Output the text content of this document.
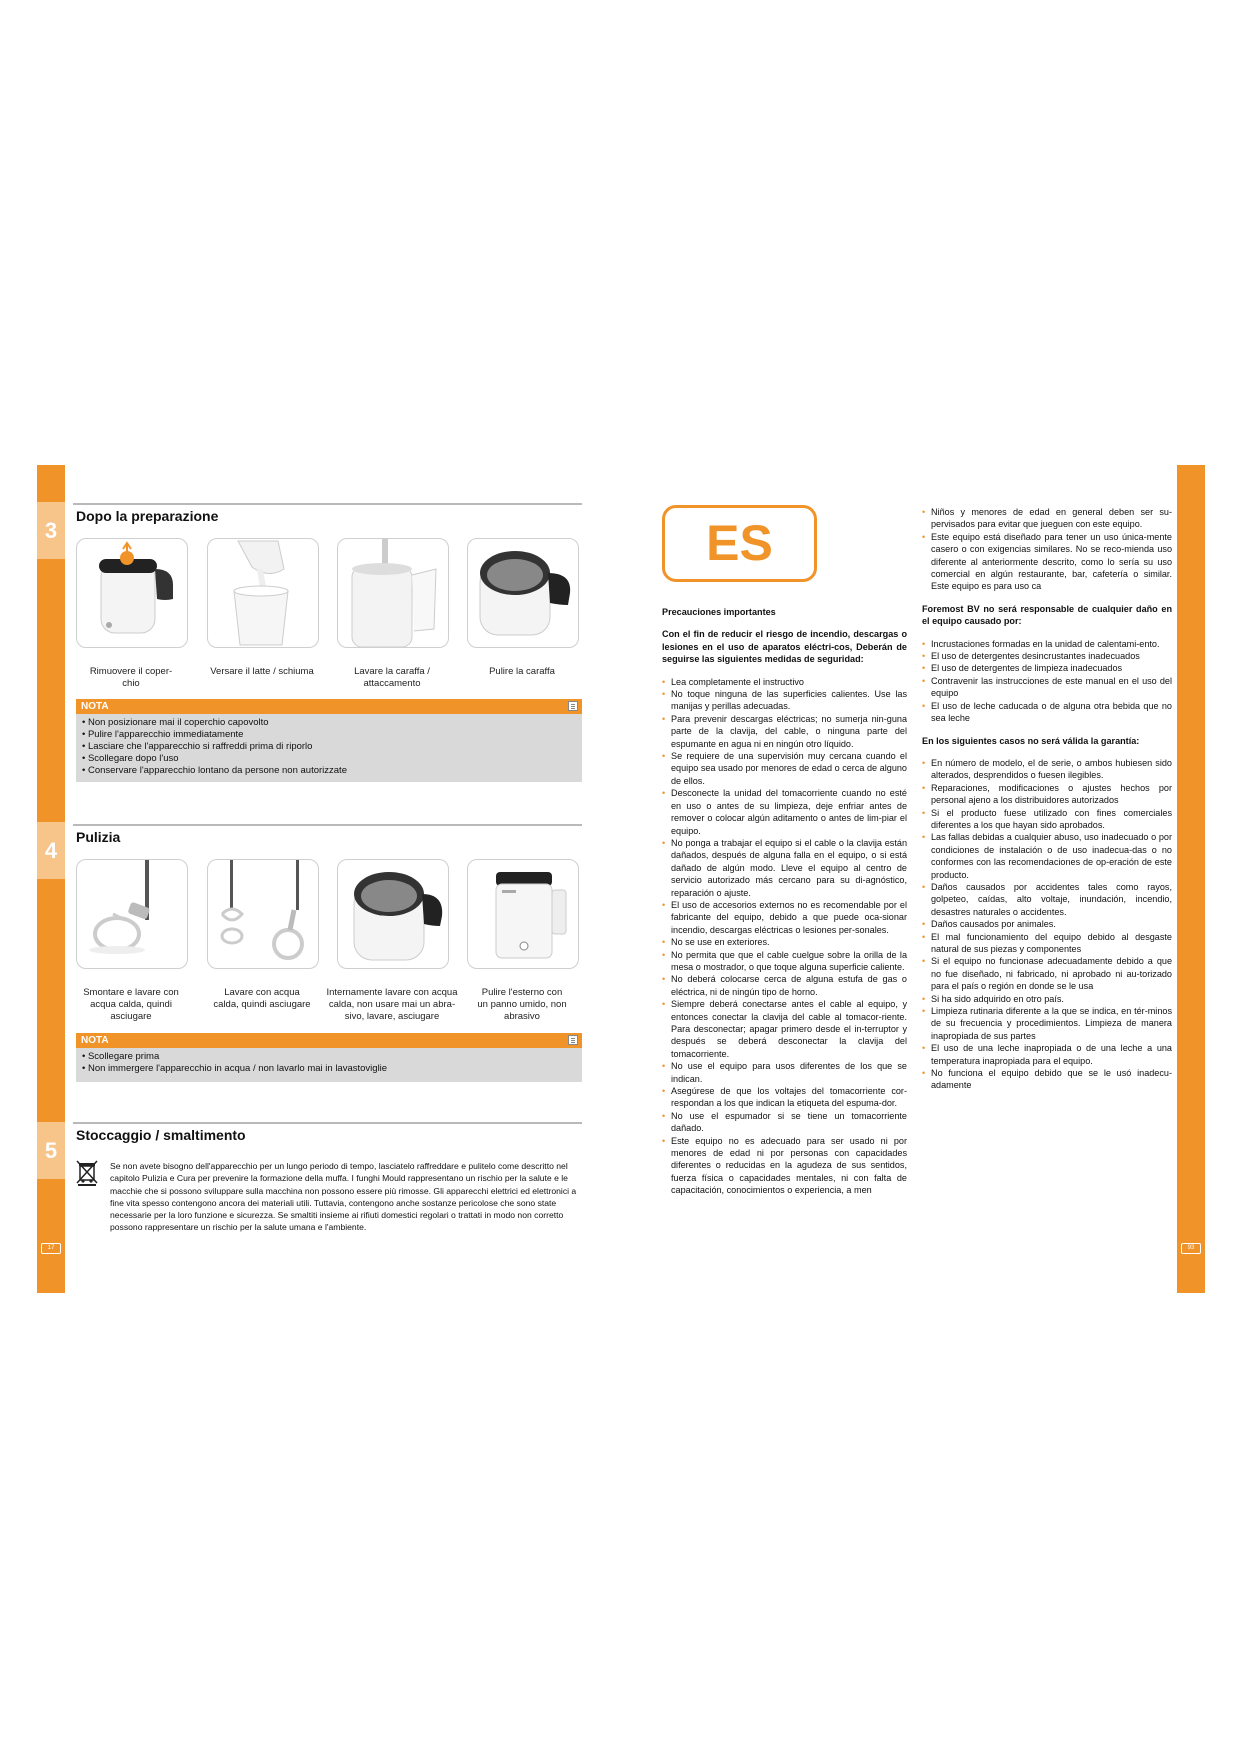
3
4
5
17
Dopo la preparazione
Rimuovere il coper-
chio
Versare il latte / schiuma	Lavare la caraffa /
attaccamento
Pulire la caraffa
NOTA
• Non posizionare mai il coperchio capovolto
• Pulire l'apparecchio immediatamente
• Lasciare che l'apparecchio si raffreddi prima di riporlo
• Scollegare dopo l'uso
• Conservare l'apparecchio lontano da persone non autorizzate
Pulizia
Smontare e lavare con
acqua calda, quindi
asciugare
Lavare con acqua
calda, quindi asciugare
Internamente lavare con acqua
calda, non usare mai un abra-
sivo, lavare, asciugare
Pulire l'esterno con
un panno umido, non
abrasivo
NOTA
• Scollegare prima
• Non immergere l'apparecchio in acqua / non lavarlo mai in lavastoviglie
Stoccaggio / smaltimento
Se non avete bisogno dell'apparecchio per un lungo periodo di tempo, lasciatelo raffreddare e pulitelo come descritto nel capitolo Pulizia e Cura per prevenire la formazione della muffa. I funghi Mould rappresentano un rischio per la salute e le macchie che si possono sviluppare sulla macchina non possono essere più rimosse. Gli apparecchi elettrici ed elettronici a fine vita spesso contengono ancora dei materiali utili. Tuttavia, contengono anche sostanze pericolose che sono state necessarie per la loro funzione e sicurezza. Se smaltiti insieme ai rifiuti domestici regolari o trattati in modo non corretto possono rappresentare un rischio per la salute umana e l'ambiente.
93
ES

Precauciones importantes

Con el fin de reducir el riesgo de incendio, descargas o lesiones en el uso de aparatos eléctri-cos, Deberán de seguirse las siguientes medidas de seguridad:

• Lea completamente el instructivo
• No toque ninguna de las superficies calientes. Use las manijas y perillas adecuadas.
• Para prevenir descargas eléctricas; no sumerja nin-guna parte de la clavija, del cable, o ninguna parte del espumante en agua ni en ningún otro líquido.
• Se requiere de una supervisión muy cercana cuando el equipo sea usado por menores de edad o cerca de alguno de ellos.
• Desconecte la unidad del tomacorriente cuando no esté en uso o antes de su limpieza, deje enfriar antes de remover o colocar algún aditamento o antes de lim-piar el equipo.
• No ponga a trabajar el equipo si el cable o la clavija están dañados, después de alguna falla en el equipo, o si está dañado de algún modo. Lleve el equipo al centro de servicio autorizado más cercano para su di-agnóstico, reparación o ajuste.
• El uso de accesorios externos no es recomendable por el fabricante del equipo, debido a que puede oca-sionar incendio, descargas eléctricas o lesiones per-sonales.
• No se use en exteriores.
• No permita que que el cable cuelgue sobre la orilla de la mesa o mostrador, o que toque alguna superficie caliente.
• No deberá colocarse cerca de alguna estufa de gas o eléctrica, ni de ningún tipo de horno.
• Siempre deberá conectarse antes el cable al equipo, y entonces conectar la clavija del cable al tomacor-riente. Para desconectar; apagar primero desde el in-terruptor y después se deberá desconectar la clavija del tomacorriente.
• No use el equipo para usos diferentes de los que se indican.
• Asegúrese de que los voltajes del tomacorriente cor-respondan a los que indican la etiqueta del espuma-dor.
• No use el espumador si se tiene un tomacorriente dañado.
• Este equipo no es adecuado para ser usado ni por menores de edad ni por personas con capacidades diferentes o reducidas en la agudeza de sus sentidos, fuerza física o capacidades mentales, ni con falta de capacitación, conocimientos o experiencia, a men
• Niños y menores de edad en general deben ser su-pervisados para evitar que jueguen con este equipo.
• Este equipo está diseñado para tener un uso única-mente casero o con exigencias similares. No se reco-mienda uso diferente al anteriormente descrito, como lo sería su uso comercial en algún restaurante, bar, cafetería o similar. Este equipo es para uso ca

Foremost BV no será responsable de cualquier daño en el equipo causado por:

• Incrustaciones formadas en la unidad de calentami-ento.
• El uso de detergentes desincrustantes inadecuados
• El uso de detergentes de limpieza inadecuados
• Contravenir las instrucciones de este manual en el uso del equipo
• El uso de leche caducada o de alguna otra bebida que no sea leche

En los siguientes casos no será válida la garantía:

• En número de modelo, el de serie, o ambos hubiesen sido alterados, desprendidos o fuesen ilegibles.
• Reparaciones, modificaciones o ajustes hechos por personal ajeno a los distribuidores autorizados
• Si el producto fuese utilizado con fines comerciales diferentes a los que hayan sido aprobados.
• Las fallas debidas a cualquier abuso, uso inadecuado o por condiciones de instalación o de uso inadecua-das o no conformes con las recomendaciones de op-eración de este producto.
• Daños causados por accidentes tales como rayos, golpeteo, caídas, alto voltaje, inundación, incendio, desastres naturales o accidentes.
• Daños causados por animales.
• El mal funcionamiento del equipo debido al desgaste natural de sus piezas y componentes
• Si el equipo no funcionase adecuadamente debido a que no fue diseñado, ni fabricado, ni aprobado ni au-torizado para el país o región en donde se le usa
• Si ha sido adquirido en otro país.
• Limpieza rutinaria diferente a la que se indica, en tér-minos de su frecuencia y procedimientos. Limpieza de manera inapropiada de sus partes
• El uso de una leche inapropiada o de una leche a una temperatura inapropiada para el equipo.
• No funciona el equipo debido que se le usó inadecu-adamente
